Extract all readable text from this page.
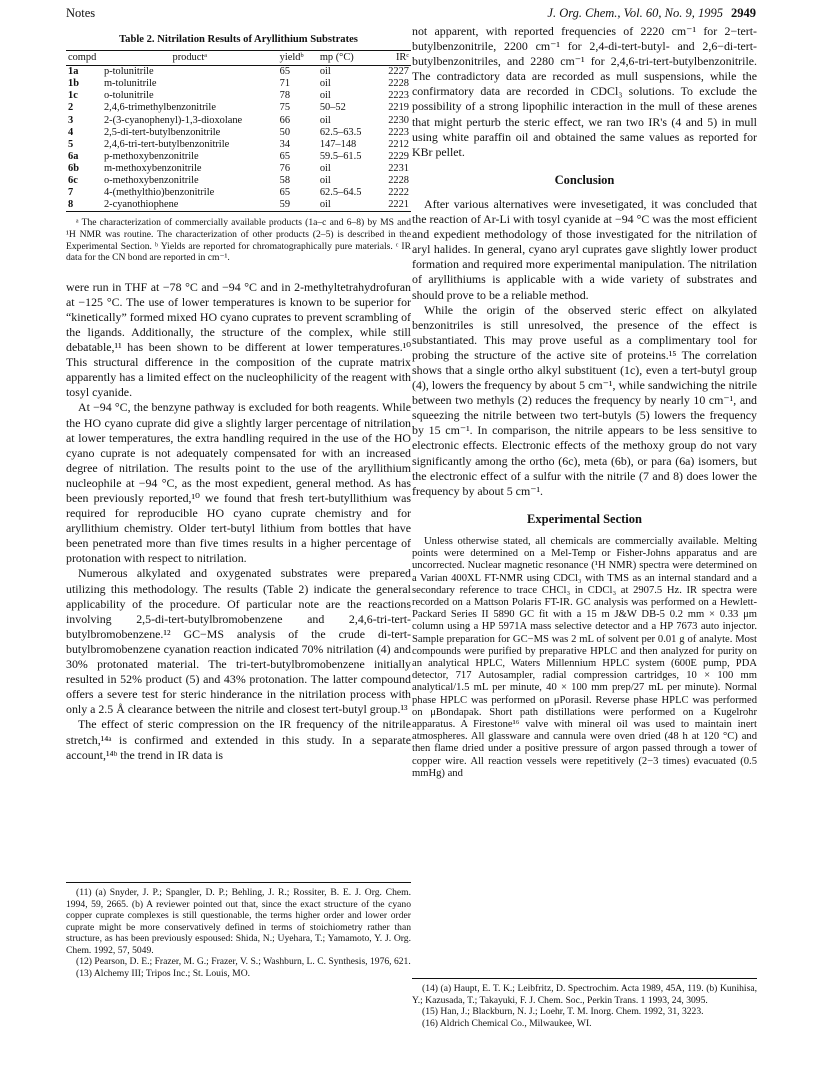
Notes	J. Org. Chem., Vol. 60, No. 9, 1995 2949
Table 2. Nitrilation Results of Aryllithium Substrates
compd	productᵃ	yieldᵇ	mp (°C)	IRᶜ
1a	p-tolunitrile	65	oil	2227
1b	m-tolunitrile	71	oil	2228
1c	o-tolunitrile	78	oil	2223
2	2,4,6-trimethylbenzonitrile	75	50–52	2219
3	2-(3-cyanophenyl)-1,3-dioxolane	66	oil	2230
4	2,5-di-tert-butylbenzonitrile	50	62.5–63.5	2223
5	2,4,6-tri-tert-butylbenzonitrile	34	147–148	2212
6a	p-methoxybenzonitrile	65	59.5–61.5	2229
6b	m-methoxybenzonitrile	76	oil	2231
6c	o-methoxybenzonitrile	58	oil	2228
7	4-(methylthio)benzonitrile	65	62.5–64.5	2222
8	2-cyanothiophene	59	oil	2221

ᵃ The characterization of commercially available products (1a–c and 6–8) by MS and ¹H NMR was routine. The characterization of other products (2–5) is described in the Experimental Section. ᵇ Yields are reported for chromatographically pure materials. ᶜ IR data for the CN bond are reported in cm⁻¹.

were run in THF at −78 °C and −94 °C and in 2-methyltetrahydrofuran at −125 °C. The use of lower temperatures is known to be superior for “kinetically” formed mixed HO cyano cuprates to prevent scrambling of the ligands. Additionally, the structure of the complex, while still debatable,¹¹ has been shown to be different at lower temperatures.¹⁰ This structural difference in the composition of the cuprate matrix apparently has a limited effect on the nucleophilicity of the reagent with tosyl cyanide.

At −94 °C, the benzyne pathway is excluded for both reagents. While the HO cyano cuprate did give a slightly larger percentage of nitrilation at lower temperatures, the extra handling required in the use of the HO cyano cuprate is not adequately compensated for with an increased degree of nitrilation. The results point to the use of the aryllithium nucleophile at −94 °C, as the most expedient, general method. As has been previously reported,¹⁰ we found that fresh tert-butyllithium was required for reproducible HO cyano cuprate chemistry and for aryllithium chemistry. Older tert-butyl lithium from bottles that have been penetrated more than five times results in a higher percentage of protonation with respect to nitrilation.

Numerous alkylated and oxygenated substrates were prepared utilizing this methodology. The results (Table 2) indicate the general applicability of the procedure. Of particular note are the reactions involving 2,5-di-tert-butylbromobenzene and 2,4,6-tri-tert-butylbromobenzene.¹² GC−MS analysis of the crude di-tert-butylbromobenzene cyanation reaction indicated 70% nitrilation (4) and 30% protonated material. The tri-tert-butylbromobenzene initially resulted in 52% product (5) and 43% protonation. The latter compound offers a severe test for steric hinderance in the nitrilation process with only a 2.5 Å clearance between the nitrile and closest tert-butyl group.¹³

The effect of steric compression on the IR frequency of the nitrile stretch,¹⁴ᵃ is confirmed and extended in this study. In a separate account,¹⁴ᵇ the trend in IR data is

(11) (a) Snyder, J. P.; Spangler, D. P.; Behling, J. R.; Rossiter, B. E. J. Org. Chem. 1994, 59, 2665. (b) A reviewer pointed out that, since the exact structure of the cyano copper cuprate complexes is still questionable, the terms higher order and lower order cuprate might be more conservatively defined in terms of stoichiometry rather than structure, as has been previously espoused: Shida, N.; Uyehara, T.; Yamamoto, Y. J. Org. Chem. 1992, 57, 5049.

(12) Pearson, D. E.; Frazer, M. G.; Frazer, V. S.; Washburn, L. C. Synthesis, 1976, 621.

(13) Alchemy III; Tripos Inc.; St. Louis, MO.

not apparent, with reported frequencies of 2220 cm⁻¹ for 2−tert-butylbenzonitrile, 2200 cm⁻¹ for 2,4-di-tert-butyl- and 2,6−di-tert-butylbenzonitriles, and 2280 cm⁻¹ for 2,4,6-tri-tert-butylbenzonitrile. The contradictory data are recorded as mull suspensions, while the confirmatory data are recorded in CDCl₃ solutions. To exclude the possibility of a strong lipophilic interaction in the mull of these arenes that might perturb the steric effect, we ran two IR's (4 and 5) in mull using white paraffin oil and obtained the same values as reported for KBr pellet.

Conclusion

After various alternatives were invesetigated, it was concluded that the reaction of Ar-Li with tosyl cyanide at −94 °C was the most efficient and expedient methodology of those investigated for the nitrilation of aryl halides. In general, cyano aryl cuprates gave slightly lower product formation and required more experimental manipulation. The nitrilation of aryllithiums is applicable with a wide variety of substrates and should prove to be a reliable method.

While the origin of the observed steric effect on alkylated benzonitriles is still unresolved, the presence of the effect is substantiated. This may prove useful as a complimentary tool for probing the structure of the active site of proteins.¹⁵ The correlation shows that a single ortho alkyl substituent (1c), even a tert-butyl group (4), lowers the frequency by about 5 cm⁻¹, while sandwiching the nitrile between two methyls (2) reduces the frequency by nearly 10 cm⁻¹, and squeezing the nitrile between two tert-butyls (5) lowers the frequency by 15 cm⁻¹. In comparison, the nitrile appears to be less sensitive to electronic effects. Electronic effects of the methoxy group do not vary significantly among the ortho (6c), meta (6b), or para (6a) isomers, but the electronic effect of a sulfur with the nitrile (7 and 8) does lower the frequency by about 5 cm⁻¹.

Experimental Section

Unless otherwise stated, all chemicals are commercially available. Melting points were determined on a Mel-Temp or Fisher-Johns apparatus and are uncorrected. Nuclear magnetic resonance (¹H NMR) spectra were determined on a Varian 400XL FT-NMR using CDCl₃ with TMS as an internal standard and a secondary reference to trace CHCl₃ in CDCl₃ at 2907.5 Hz. IR spectra were recorded on a Mattson Polaris FT-IR. GC analysis was performed on a Hewlett-Packard Series II 5890 GC fit with a 15 m J&W DB-5 0.2 mm × 0.33 μm column using a HP 5971A mass selective detector and a HP 7673 auto injector. Sample preparation for GC−MS was 2 mL of solvent per 0.01 g of analyte. Most compounds were purified by preparative HPLC and then analyzed for purity on an analytical HPLC, Waters Millennium HPLC system (600E pump, PDA detector, 717 Autosampler, radial compression cartridges, 10 × 100 mm analytical/1.5 mL per minute, 40 × 100 mm prep/27 mL per minute). Normal phase HPLC was performed on μPorasil. Reverse phase HPLC was performed on μBondapak. Short path distillations were performed on a Kugelrohr apparatus. A Firestone¹⁶ valve with mineral oil was used to maintain inert atmospheres. All glassware and cannula were oven dried (48 h at 120 °C) and then flame dried under a positive pressure of argon passed through a tower of copper wire. All reaction vessels were repetitively (2−3 times) evacuated (0.5 mmHg) and

(14) (a) Haupt, E. T. K.; Leibfritz, D. Spectrochim. Acta 1989, 45A, 119. (b) Kunihisa, Y.; Kazusada, T.; Takayuki, F. J. Chem. Soc., Perkin Trans. 1 1993, 24, 3095.

(15) Han, J.; Blackburn, N. J.; Loehr, T. M. Inorg. Chem. 1992, 31, 3223.

(16) Aldrich Chemical Co., Milwaukee, WI.
